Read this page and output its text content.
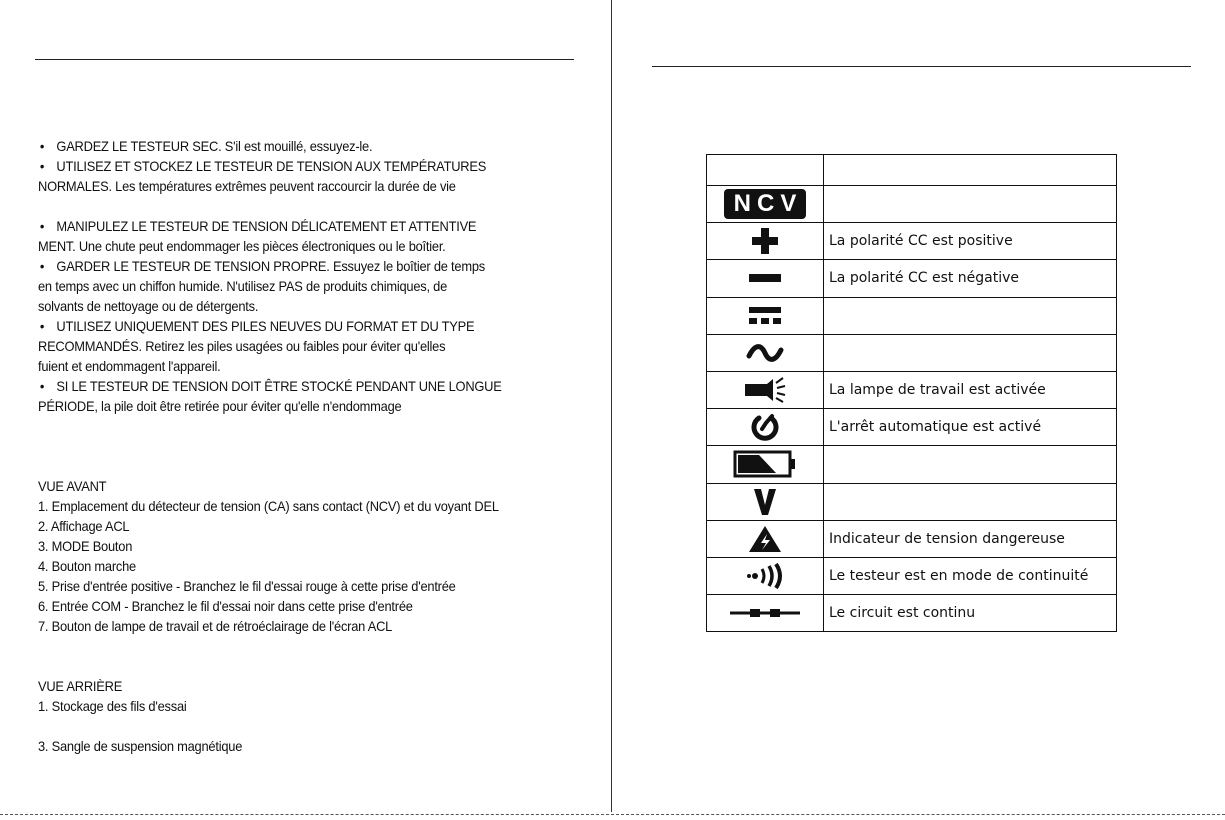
• GARDEZ LE TESTEUR SEC. S'il est mouillé, essuyez-le.

• UTILISEZ ET STOCKEZ LE TESTEUR DE TENSION AUX TEMPÉRATURES

NORMALES. Les températures extrêmes peuvent raccourcir la durée de vie

• MANIPULEZ LE TESTEUR DE TENSION DÉLICATEMENT ET ATTENTIVE

MENT. Une chute peut endommager les pièces électroniques ou le boîtier.

• GARDER LE TESTEUR DE TENSION PROPRE. Essuyez le boîtier de temps

en temps avec un chiffon humide. N'utilisez PAS de produits chimiques, de

solvants de nettoyage ou de détergents.

• UTILISEZ UNIQUEMENT DES PILES NEUVES DU FORMAT ET DU TYPE

RECOMMANDÉS. Retirez les piles usagées ou faibles pour éviter qu'elles

fuient et endommagent l'appareil.

• SI LE TESTEUR DE TENSION DOIT ÊTRE STOCKÉ PENDANT UNE LONGUE

PÉRIODE, la pile doit être retirée pour éviter qu'elle n'endommage

VUE AVANT

1. Emplacement du détecteur de tension (CA) sans contact (NCV) et du voyant DEL

2. Affichage ACL

3. MODE Bouton

4. Bouton marche

5. Prise d'entrée positive - Branchez le fil d'essai rouge à cette prise d'entrée

6. Entrée COM - Branchez le fil d'essai noir dans cette prise d'entrée

7. Bouton de lampe de travail et de rétroéclairage de l'écran ACL

VUE ARRIÈRE

1. Stockage des fils d'essai

3. Sangle de suspension magnétique

NCV	
	La polarité CC est positive
	La polarité CC est négative

	La lampe de travail est activée
	L'arrêt automatique est activé

	Indicateur de tension dangereuse
	Le testeur est en mode de continuité
	Le circuit est continu
